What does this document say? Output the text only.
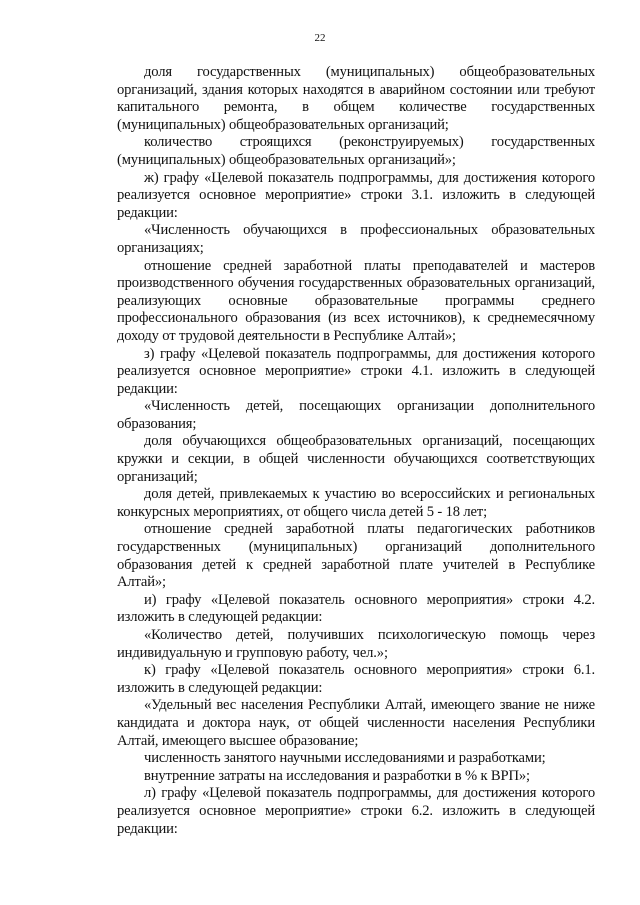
22

доля государственных (муниципальных) общеобразовательных организаций, здания которых находятся в аварийном состоянии или требуют капитального ремонта, в общем количестве государственных (муниципальных) общеобразовательных организаций;

количество строящихся (реконструируемых) государственных (муниципальных) общеобразовательных организаций»;

ж) графу «Целевой показатель подпрограммы, для достижения которого реализуется основное мероприятие» строки 3.1. изложить в следующей редакции:

«Численность обучающихся в профессиональных образовательных организациях;

отношение средней заработной платы преподавателей и мастеров производственного обучения государственных образовательных организаций, реализующих основные образовательные программы среднего профессионального образования (из всех источников), к среднемесячному доходу от трудовой деятельности в Республике Алтай»;

з) графу «Целевой показатель подпрограммы, для достижения которого реализуется основное мероприятие» строки 4.1. изложить в следующей редакции:

«Численность детей, посещающих организации дополнительного образования;

доля обучающихся общеобразовательных организаций, посещающих кружки и секции, в общей численности обучающихся соответствующих организаций;

доля детей, привлекаемых к участию во всероссийских и региональных конкурсных мероприятиях, от общего числа детей 5 - 18 лет;

отношение средней заработной платы педагогических работников государственных (муниципальных) организаций дополнительного образования детей к средней заработной плате учителей в Республике Алтай»;

и) графу «Целевой показатель основного мероприятия» строки 4.2. изложить в следующей редакции:

«Количество детей, получивших психологическую помощь через индивидуальную и групповую работу, чел.»;

к) графу «Целевой показатель основного мероприятия» строки 6.1. изложить в следующей редакции:

«Удельный вес населения Республики Алтай, имеющего звание не ниже кандидата и доктора наук, от общей численности населения Республики Алтай, имеющего высшее образование;

численность занятого научными исследованиями и разработками;

внутренние затраты на исследования и разработки в % к ВРП»;

л) графу «Целевой показатель подпрограммы, для достижения которого реализуется основное мероприятие» строки 6.2. изложить в следующей редакции:
